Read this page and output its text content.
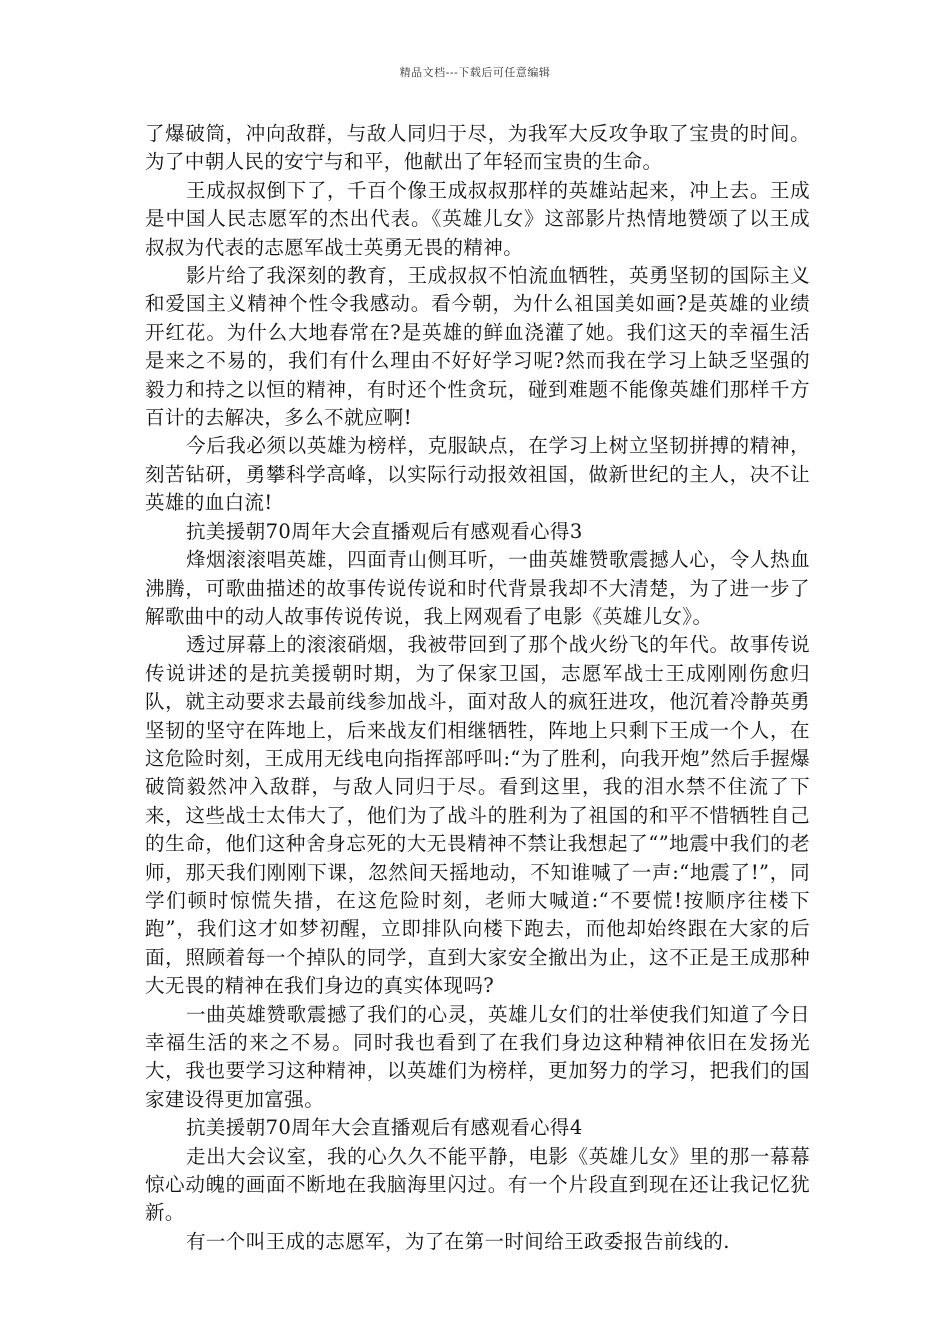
精品文档---下载后可任意编辑

了爆破筒，冲向敌群，与敌人同归于尽，为我军大反攻争取了宝贵的时间。为了中朝人民的安宁与和平，他献出了年轻而宝贵的生命。

王成叔叔倒下了，千百个像王成叔叔那样的英雄站起来，冲上去。王成是中国人民志愿军的杰出代表。《英雄儿女》这部影片热情地赞颂了以王成叔叔为代表的志愿军战士英勇无畏的精神。

影片给了我深刻的教育，王成叔叔不怕流血牺牲，英勇坚韧的国际主义和爱国主义精神个性令我感动。看今朝，为什么祖国美如画?是英雄的业绩开红花。为什么大地春常在?是英雄的鲜血浇灌了她。我们这天的幸福生活是来之不易的，我们有什么理由不好好学习呢?然而我在学习上缺乏坚强的毅力和持之以恒的精神，有时还个性贪玩，碰到难题不能像英雄们那样千方百计的去解决，多么不就应啊!

今后我必须以英雄为榜样，克服缺点，在学习上树立坚韧拼搏的精神，刻苦钻研，勇攀科学高峰，以实际行动报效祖国，做新世纪的主人，决不让英雄的血白流!

抗美援朝70周年大会直播观后有感观看心得3

烽烟滚滚唱英雄，四面青山侧耳听，一曲英雄赞歌震撼人心，令人热血沸腾，可歌曲描述的故事传说传说和时代背景我却不大清楚，为了进一步了解歌曲中的动人故事传说传说，我上网观看了电影《英雄儿女》。

透过屏幕上的滚滚硝烟，我被带回到了那个战火纷飞的年代。故事传说传说讲述的是抗美援朝时期，为了保家卫国，志愿军战士王成刚刚伤愈归队，就主动要求去最前线参加战斗，面对敌人的疯狂进攻，他沉着冷静英勇坚韧的坚守在阵地上，后来战友们相继牺牲，阵地上只剩下王成一个人，在这危险时刻，王成用无线电向指挥部呼叫:“为了胜利，向我开炮”然后手握爆破筒毅然冲入敌群，与敌人同归于尽。看到这里，我的泪水禁不住流了下来，这些战士太伟大了，他们为了战斗的胜利为了祖国的和平不惜牺牲自己的生命，他们这种舍身忘死的大无畏精神不禁让我想起了“”地震中我们的老师，那天我们刚刚下课，忽然间天摇地动，不知谁喊了一声:“地震了!”，同学们顿时惊慌失措，在这危险时刻，老师大喊道:“不要慌!按顺序往楼下跑”，我们这才如梦初醒，立即排队向楼下跑去，而他却始终跟在大家的后面，照顾着每一个掉队的同学，直到大家安全撤出为止，这不正是王成那种大无畏的精神在我们身边的真实体现吗?

一曲英雄赞歌震撼了我们的心灵，英雄儿女们的壮举使我们知道了今日幸福生活的来之不易。同时我也看到了在我们身边这种精神依旧在发扬光大，我也要学习这种精神，以英雄们为榜样，更加努力的学习，把我们的国家建设得更加富强。

抗美援朝70周年大会直播观后有感观看心得4

走出大会议室，我的心久久不能平静，电影《英雄儿女》里的那一幕幕惊心动魄的画面不断地在我脑海里闪过。有一个片段直到现在还让我记忆犹新。

有一个叫王成的志愿军，为了在第一时间给王政委报告前线的.
